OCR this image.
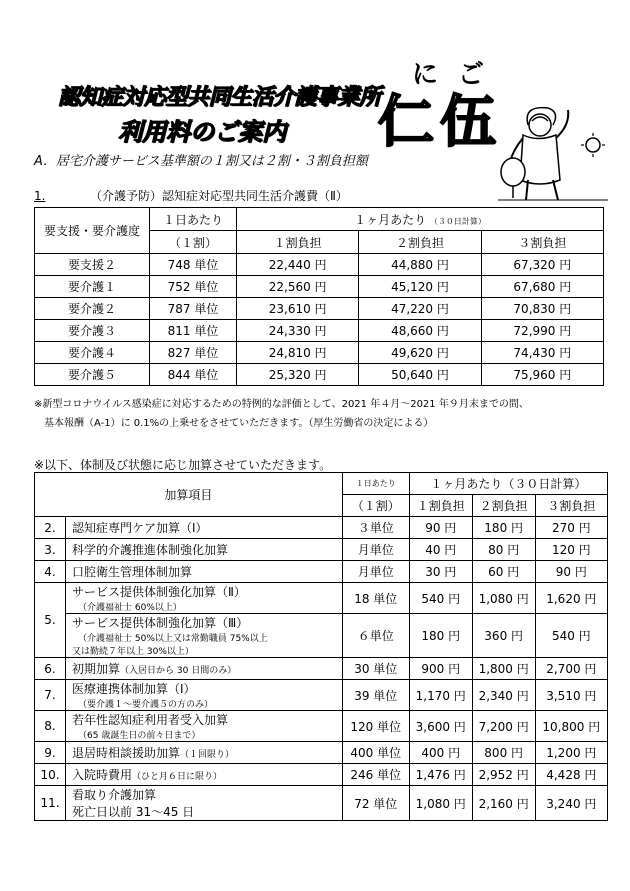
認知症対応型共同生活介護事業所
利用料のご案内
にご
仁伍
A．居宅介護サービス基準額の１割又は２割・３割負担額
1.	（介護予防）認知症対応型共同生活介護費（Ⅱ）
要支援・要介護度	１日あたり	１ヶ月あたり （３０日計算）		
	（１割）	１割負担	２割負担	３割負担
要支援２	748 単位	22,440 円	44,880 円	67,320 円
要介護１	752 単位	22,560 円	45,120 円	67,680 円
要介護２	787 単位	23,610 円	47,220 円	70,830 円
要介護３	811 単位	24,330 円	48,660 円	72,990 円
要介護４	827 単位	24,810 円	49,620 円	74,430 円
要介護５	844 単位	25,320 円	50,640 円	75,960 円
※新型コロナウイルス感染症に対応するための特例的な評価として、2021 年４月～2021 年９月末までの間、
基本報酬（A-1）に 0.1%の上乗せをさせていただきます。（厚生労働省の決定による）
※以下、体制及び状態に応じ加算させていただきます。
加算項目		１日あたり	１ヶ月あたり（３０日計算）		
		（１割）	１割負担	２割負担	３割負担
2.	認知症専門ケア加算（Ⅰ）	３単位	90 円	180 円	270 円
3.	科学的介護推進体制強化加算	月単位	40 円	80 円	120 円
4.	口腔衛生管理体制加算	月単位	30 円	60 円	90 円
5.	サービス提供体制強化加算（Ⅱ）
（介護福祉士 60%以上）	18 単位	540 円	1,080 円	1,620 円

	サービス提供体制強化加算（Ⅲ）
（介護福祉士 50%以上又は常勤職員 75%以上
又は勤続７年以上 30%以上）	６単位	180 円	360 円	540 円
6.	初期加算（入居日から 30 日間のみ）	30 単位	900 円	1,800 円	2,700 円
7.	医療連携体制加算（Ⅰ）
（要介護１～要介護５の方のみ）	39 単位	1,170 円	2,340 円	3,510 円
8.	若年性認知症利用者受入加算
（65 歳誕生日の前々日まで）	120 単位	3,600 円	7,200 円	10,800 円
9.	退居時相談援助加算（１回限り）	400 単位	400 円	800 円	1,200 円
10.	入院時費用（ひと月６日に限り）	246 単位	1,476 円	2,952 円	4,428 円
11.	看取り介護加算
死亡日以前 31～45 日	72 単位	1,080 円	2,160 円	3,240 円
